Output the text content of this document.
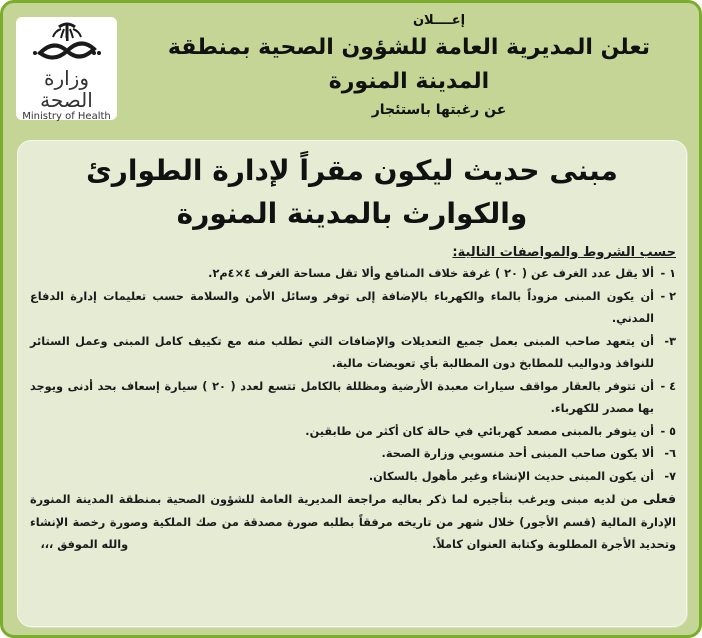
وزارة الصحة
Ministry of Health
إعــــلان
تعلن المديرية العامة للشؤون الصحية بمنطقة المدينة المنورة
عن رغبتها باستئجار
مبنى حديث ليكون مقراً لإدارة الطوارئ
والكوارث بالمدينة المنورة
حسب الشروط والمواصفات التالية:
١ -
ألا يقل عدد الغرف عن ( ٢٠ ) غرفة خلاف المنافع وألا تقل مساحة الغرف ٤×٤م٢.
٢ -
أن يكون المبنى مزوداً بالماء والكهرباء بالإضافة إلى توفر وسائل الأمن والسلامة حسب تعليمات إدارة الدفاع المدني.
٣-
أن يتعهد صاحب المبنى بعمل جميع التعديلات والإضافات التي تطلب منه مع تكييف كامل المبنى وعمل الستائر للنوافذ ودواليب للمطابخ دون المطالبة بأي تعويضات مالية.
٤ -
أن تتوفر بالعقار مواقف سيارات معبدة الأرضية ومظللة بالكامل تتسع لعدد ( ٢٠ ) سيارة إسعاف بحد أدنى ويوجد بها مصدر للكهرباء.
٥ -
أن يتوفر بالمبنى مصعد كهربائي في حالة كان أكثر من طابقين.
٦-
ألا يكون صاحب المبنى أحد منسوبي وزارة الصحة.
٧-
أن يكون المبنى حديث الإنشاء وغير مأهول بالسكان.
فعلى من لديه مبنى ويرغب بتأجيره لما ذكر بعاليه مراجعة المديرية العامة للشؤون الصحية بمنطقة المدينة المنورة الإدارة المالية (قسم الأجور) خلال شهر من تاريخه مرفقاً بطلبه صورة مصدقة من صك الملكية وصورة رخصة الإنشاء وتحديد الأجرة المطلوبة وكتابة العنوان كاملاً. والله الموفق ،،،
